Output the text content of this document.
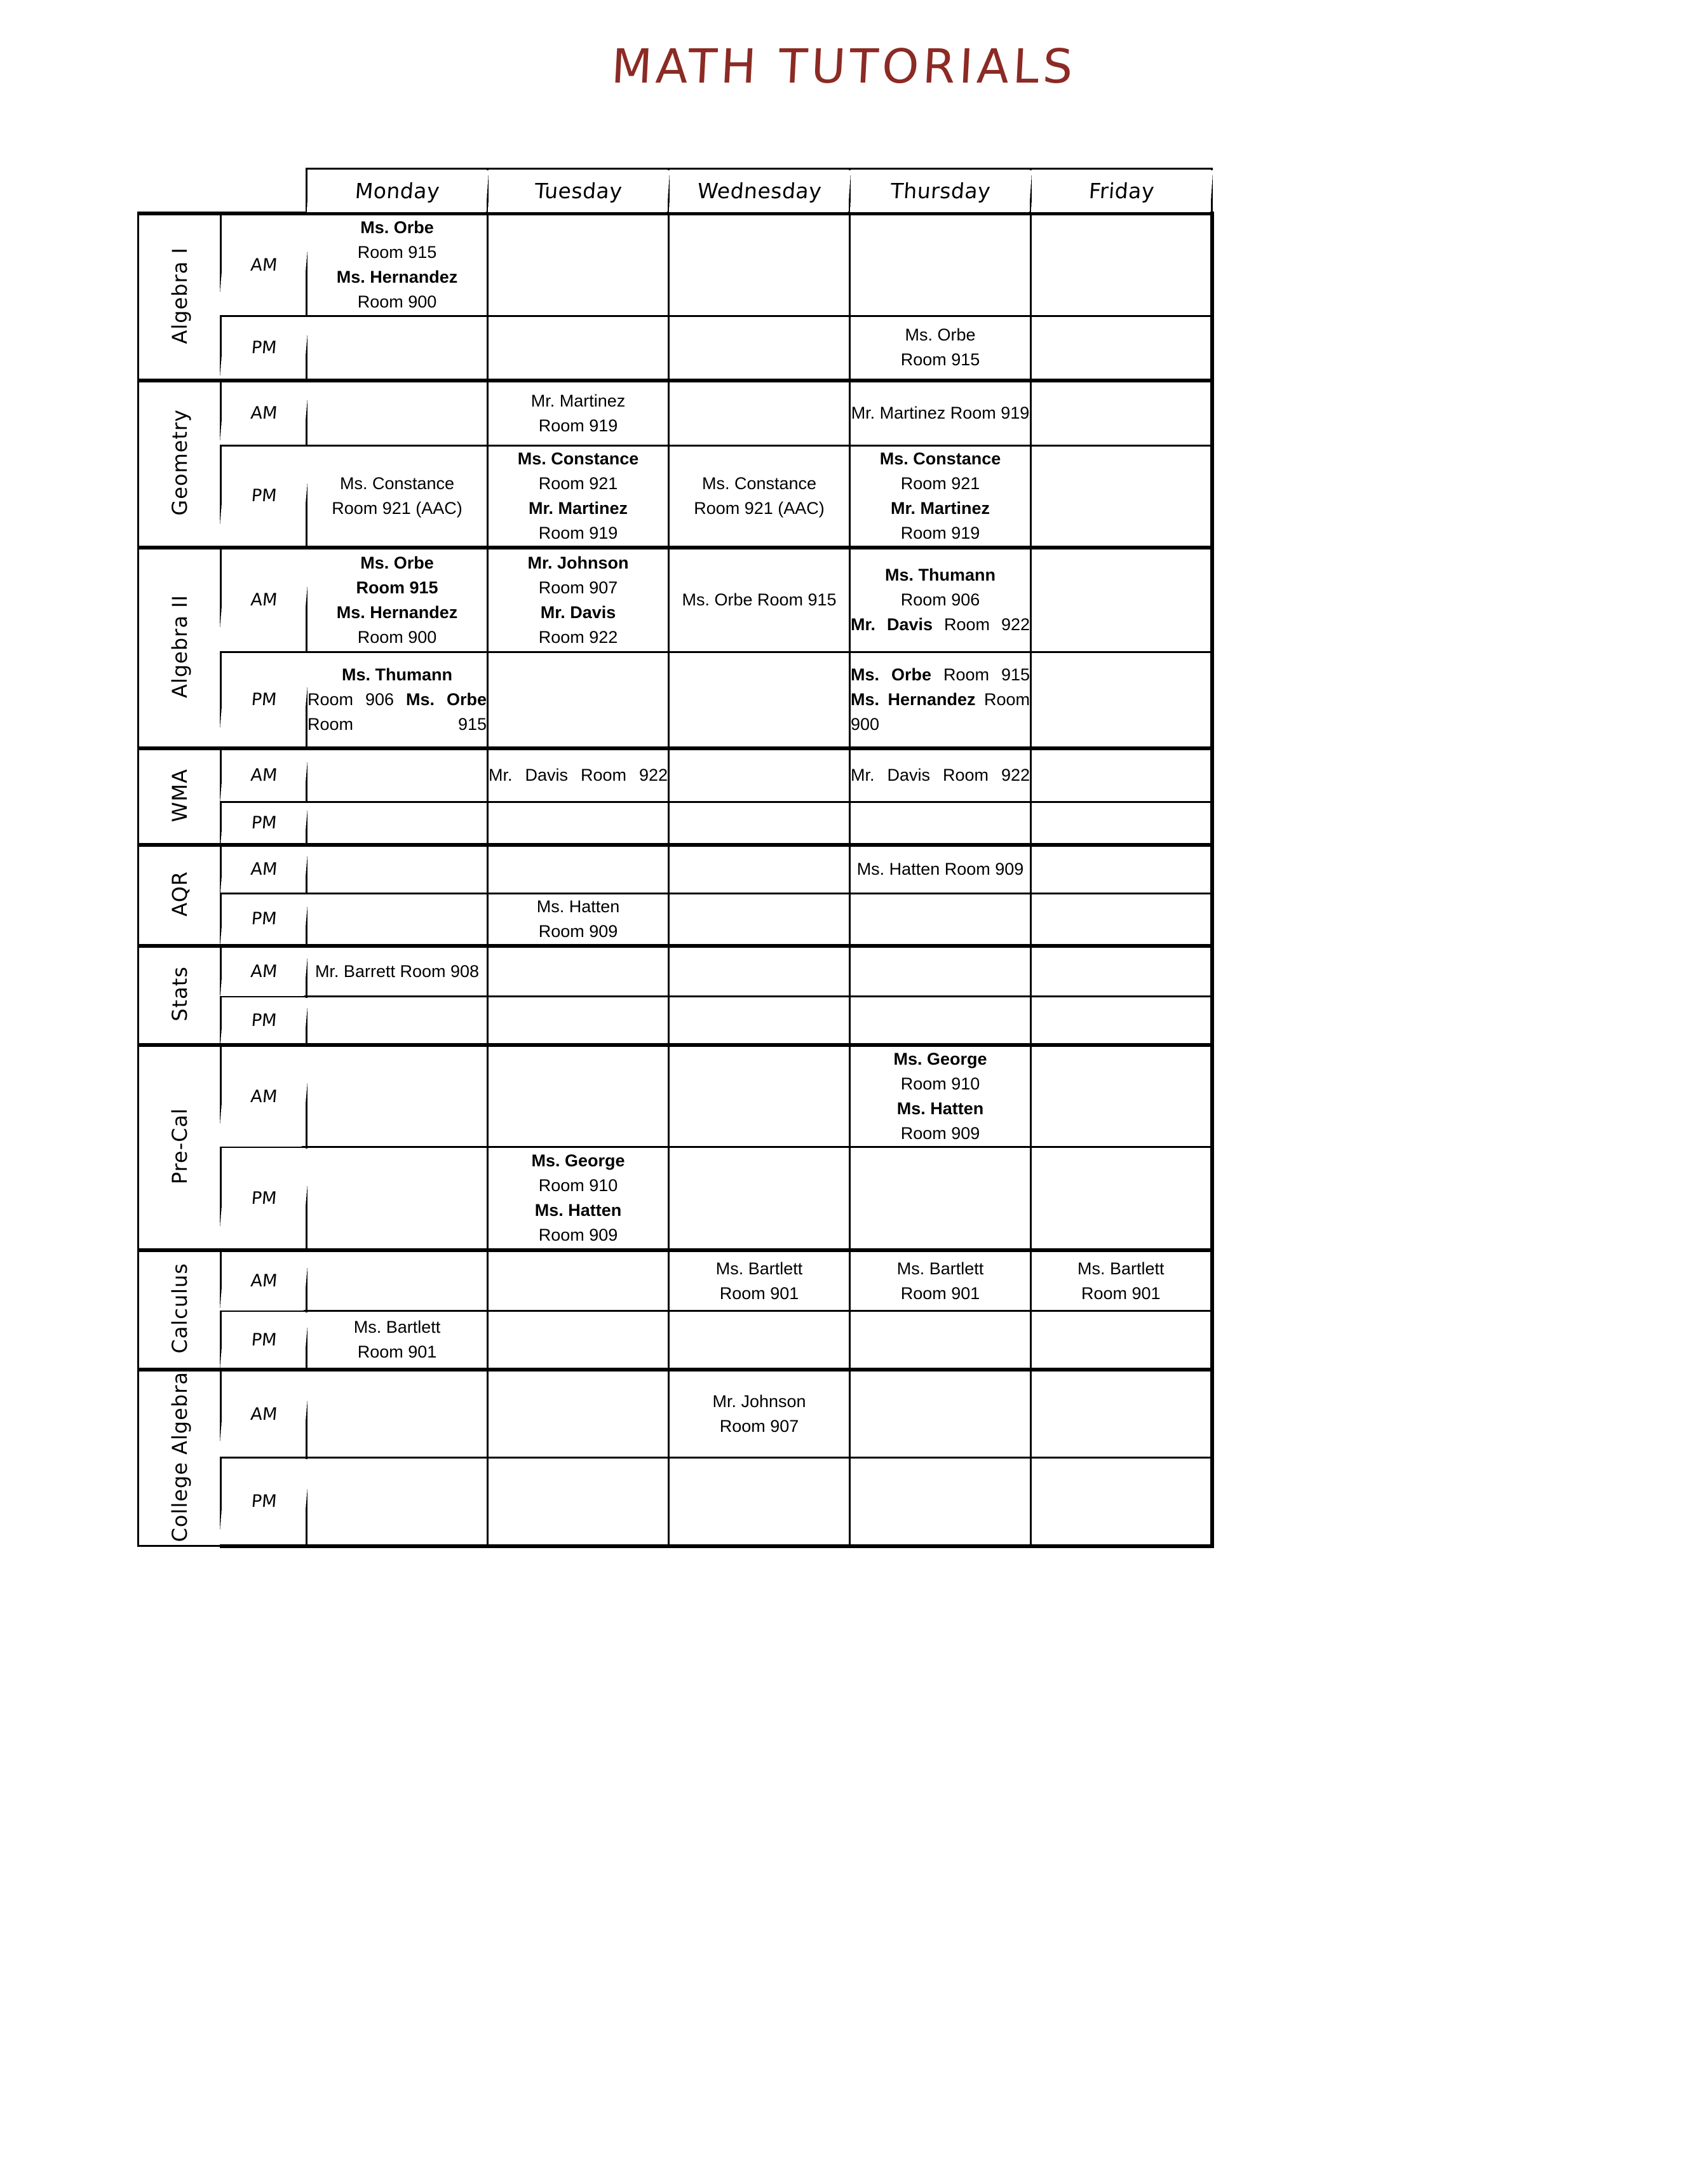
MATH TUTORIALS
		Monday	Tuesday	Wednesday	Thursday	Friday
Algebra I	AM	Ms. Orbe
Room 915
Ms. Hernandez
Room 900				

	PM				Ms. Orbe
Room 915	

Geometry	AM		Mr. Martinez
Room 919		Mr. Martinez Room 919	

	PM	Ms. Constance
Room 921 (AAC)	Ms. Constance
Room 921
Mr. Martinez
Room 919	Ms. Constance
Room 921 (AAC)	Ms. Constance
Room 921
Mr. Martinez
Room 919	

Algebra II	AM	Ms. Orbe
Room 915
Ms. Hernandez
Room 900	Mr. Johnson
Room 907
Mr. Davis
Room 922	Ms. Orbe Room 915	Ms. Thumann
Room 906
Mr. Davis Room 922	

	PM	Ms. Thumann
Room 906 Ms. Orbe Room 915			Ms. Orbe Room 915 Ms. Hernandez Room 900	

WMA	AM		Mr. Davis Room 922		Mr. Davis Room 922	

	PM					
AQR	AM				Ms. Hatten Room 909	

	PM		Ms. Hatten
Room 909			

Stats	AM	Mr. Barrett Room 908				

	PM					
Pre-Cal	AM				Ms. George
Room 910
Ms. Hatten
Room 909	

	PM		Ms. George
Room 910
Ms. Hatten
Room 909			

Calculus	AM			Ms. Bartlett
Room 901	Ms. Bartlett
Room 901	Ms. Bartlett
Room 901

	PM	Ms. Bartlett
Room 901				

College Algebra	AM			Mr. Johnson
Room 907		

	PM					
